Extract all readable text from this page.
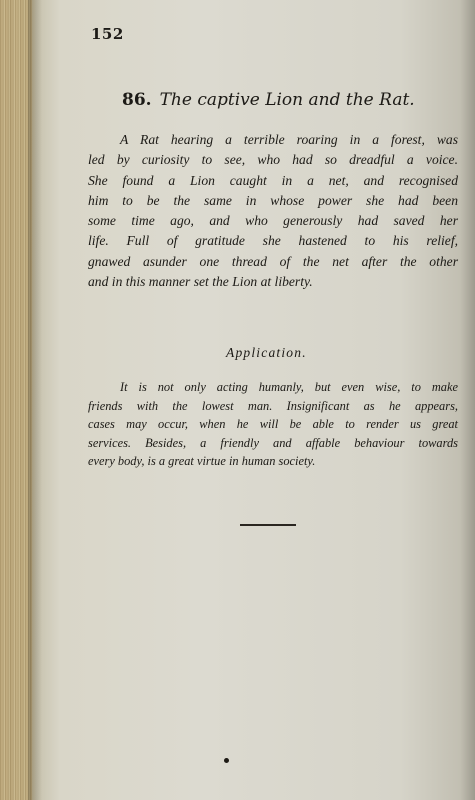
152
86. The captive Lion and the Rat.
A Rat hearing a terrible roaring in a forest, was
led by curiosity to see, who had so dreadful a voice.
She found a Lion caught in a net, and recognised
him to be the same in whose power she had been
some time ago, and who generously had saved her
life. Full of gratitude she hastened to his relief,
gnawed asunder one thread of the net after the other
and in this manner set the Lion at liberty.
Application.
It is not only acting humanly, but even wise, to make
friends with the lowest man. Insignificant as he appears,
cases may occur, when he will be able to render us great
services. Besides, a friendly and affable behaviour towards
every body, is a great virtue in human society.
